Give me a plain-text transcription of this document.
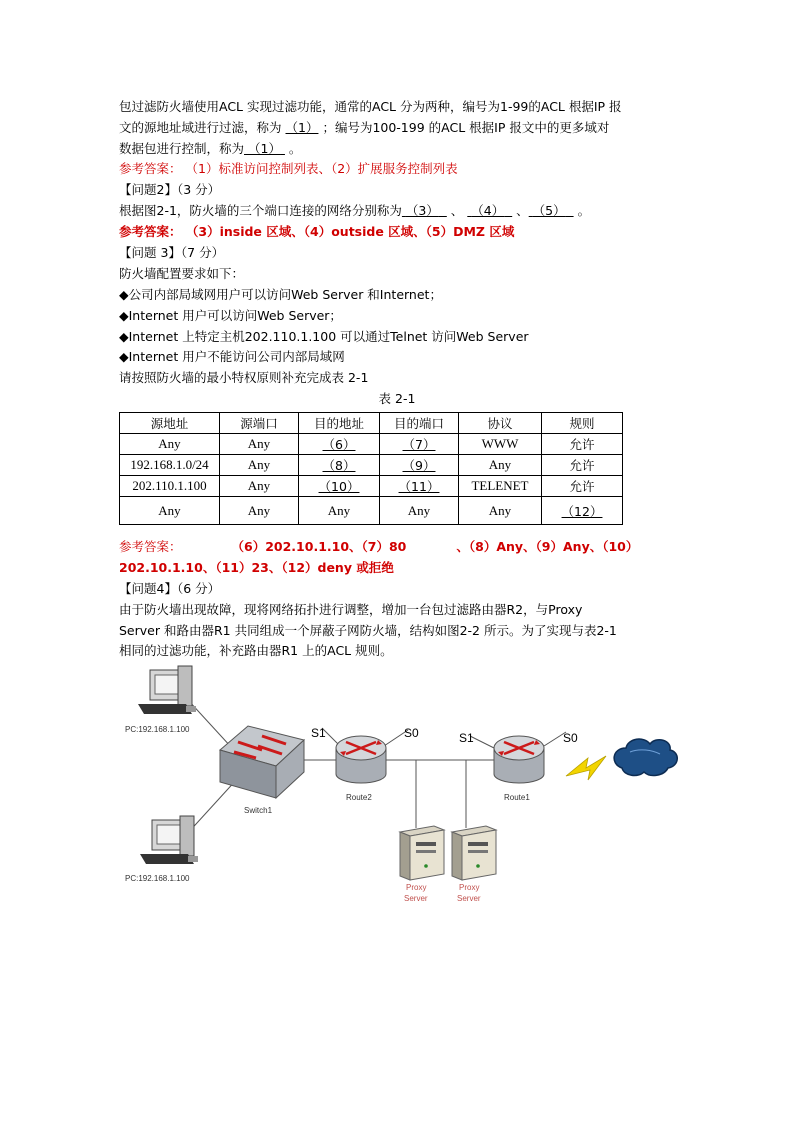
包过滤防火墙使用ACL 实现过滤功能，通常的ACL 分为两种，编号为1-99的ACL 根据IP 报
文的源地址域进行过滤，称为 （1） ；编号为100-199 的ACL 根据IP 报文中的更多域对
数据包进行控制，称为 （1） 。
参考答案： （1）标准访问控制列表、（2）扩展服务控制列表
【问题2】（3 分）
根据图2-1，防火墙的三个端口连接的网络分别称为 （3） 、 （4） 、 （5） 。
参考答案： （3）inside 区域、（4）outside 区域、（5）DMZ 区域
【问题 3】（7 分）
防火墙配置要求如下：
◆公司内部局域网用户可以访问Web Server 和Internet；
◆Internet 用户可以访问Web Server；
◆Internet 上特定主机202.110.1.100 可以通过Telnet 访问Web Server
◆Internet 用户不能访问公司内部局域网
请按照防火墙的最小特权原则补充完成表 2-1
表 2-1
源地址	源端口	目的地址	目的端口	协议	规则
Any	Any	（6）	（7）	WWW	允许
192.168.1.0/24	Any	（8）	（9）	Any	允许
202.110.1.100	Any	（10）	（11）	TELENET	允许
Any	Any	Any	Any	Any	（12）
参考答案：	（6）202.10.1.10、（7）80	、（8）Any、（9）Any、（10）
202.10.1.10、（11）23、（12）deny 或拒绝
【问题4】（6 分）
由于防火墙出现故障，现将网络拓扑进行调整，增加一台包过滤路由器R2，与Proxy
Server 和路由器R1 共同组成一个屏蔽子网防火墙，结构如图2-2 所示。为了实现与表2-1
相同的过滤功能，补充路由器R1 上的ACL 规则。
PC:192.168.1.100
PC:192.168.1.100
Switch1
Route2
S1	S0
Route1
S1	S0
Proxy
Server
Proxy
Server
